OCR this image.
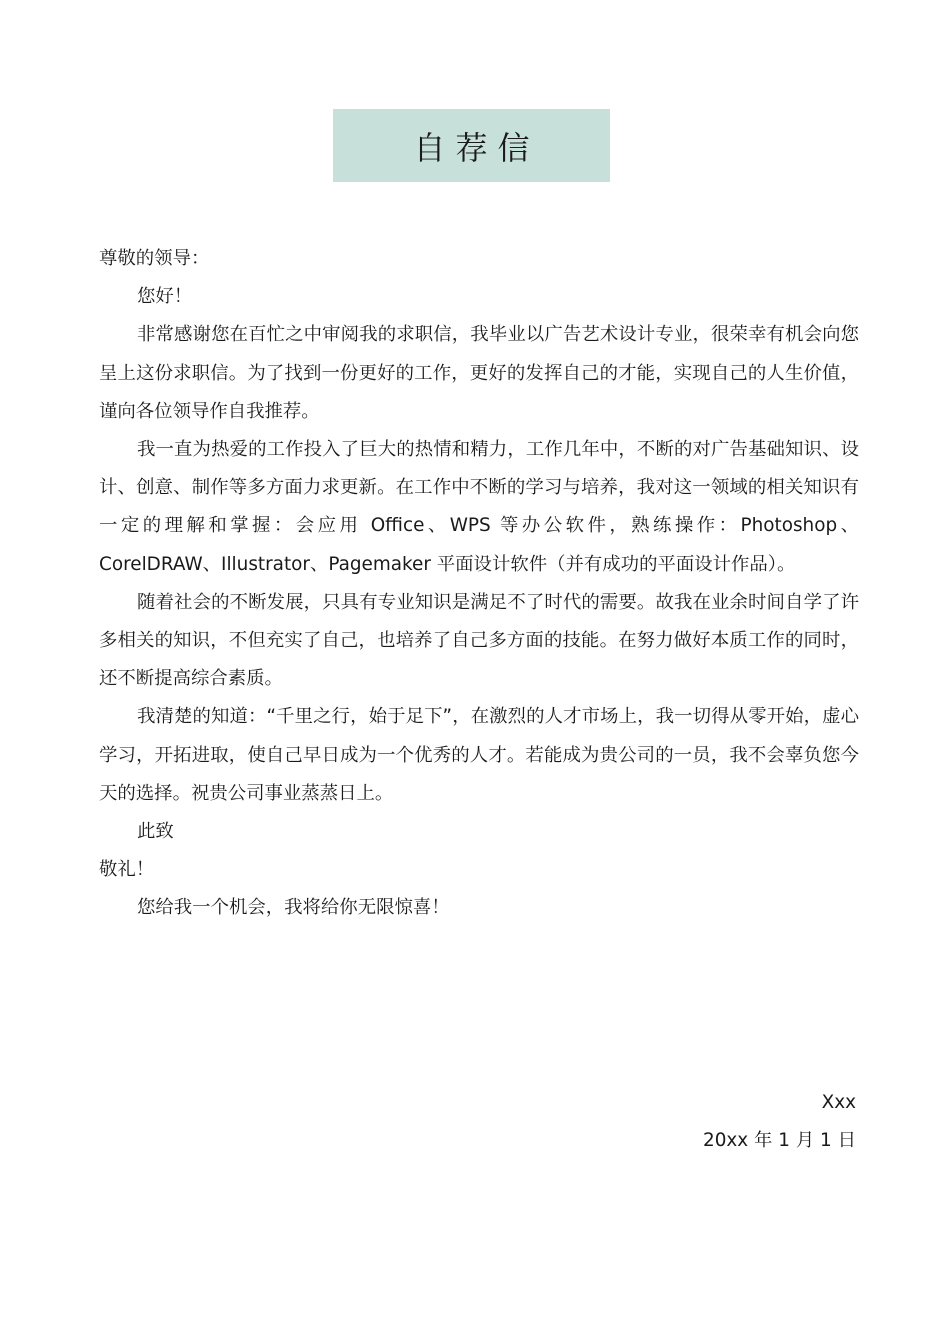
自荐信

尊敬的领导：

您好！

非常感谢您在百忙之中审阅我的求职信，我毕业以广告艺术设计专业，很荣幸有机会向您呈上这份求职信。为了找到一份更好的工作，更好的发挥自己的才能，实现自己的人生价值，谨向各位领导作自我推荐。

我一直为热爱的工作投入了巨大的热情和精力，工作几年中，不断的对广告基础知识、设计、创意、制作等多方面力求更新。在工作中不断的学习与培养，我对这一领域的相关知识有一定的理解和掌握：会应用 Office、WPS 等办公软件，熟练操作：Photoshop、CorelDRAW、Illustrator、Pagemaker 平面设计软件（并有成功的平面设计作品）。

随着社会的不断发展，只具有专业知识是满足不了时代的需要。故我在业余时间自学了许多相关的知识，不但充实了自己，也培养了自己多方面的技能。在努力做好本质工作的同时，还不断提高综合素质。

我清楚的知道：“千里之行，始于足下”，在激烈的人才市场上，我一切得从零开始，虚心学习，开拓进取，使自己早日成为一个优秀的人才。若能成为贵公司的一员，我不会辜负您今天的选择。祝贵公司事业蒸蒸日上。

此致

敬礼！

您给我一个机会，我将给你无限惊喜！

Xxx

20xx 年 1 月 1 日
